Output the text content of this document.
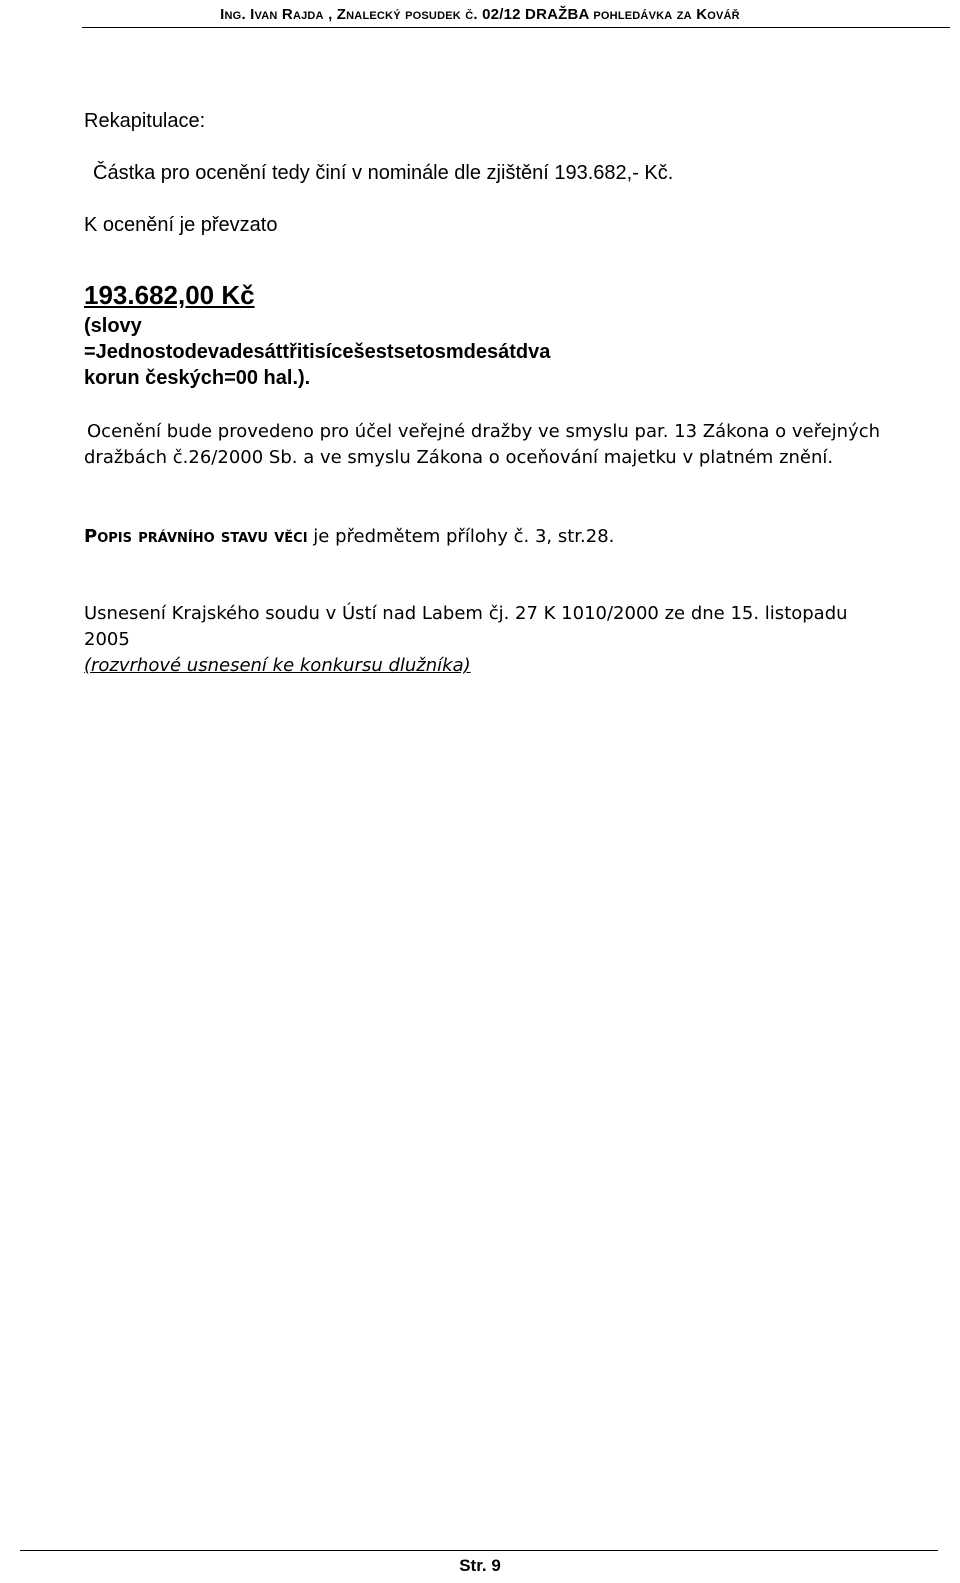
Ing. Ivan Rajda , Znalecký posudek č. 02/12 DRAŽBA pohledávka za Kovář
Rekapitulace:
Částka pro ocenění tedy činí v nominále dle zjištění 193.682,- Kč.
K ocenění je převzato
193.682,00 Kč
(slovy
=Jednostodevadesáttřitisícešestsetosmdesátdva
korun českých=00 hal.).
Ocenění bude provedeno pro účel veřejné dražby ve smyslu par. 13 Zákona o veřejných
dražbách č.26/2000 Sb. a ve smyslu Zákona o oceňování majetku v platném znění.
Popis právního stavu věci je předmětem přílohy č. 3, str.28.
Usnesení Krajského soudu v Ústí nad Labem čj. 27 K 1010/2000 ze dne 15. listopadu
2005
(rozvrhové usnesení ke konkursu dlužníka)
Str. 9
